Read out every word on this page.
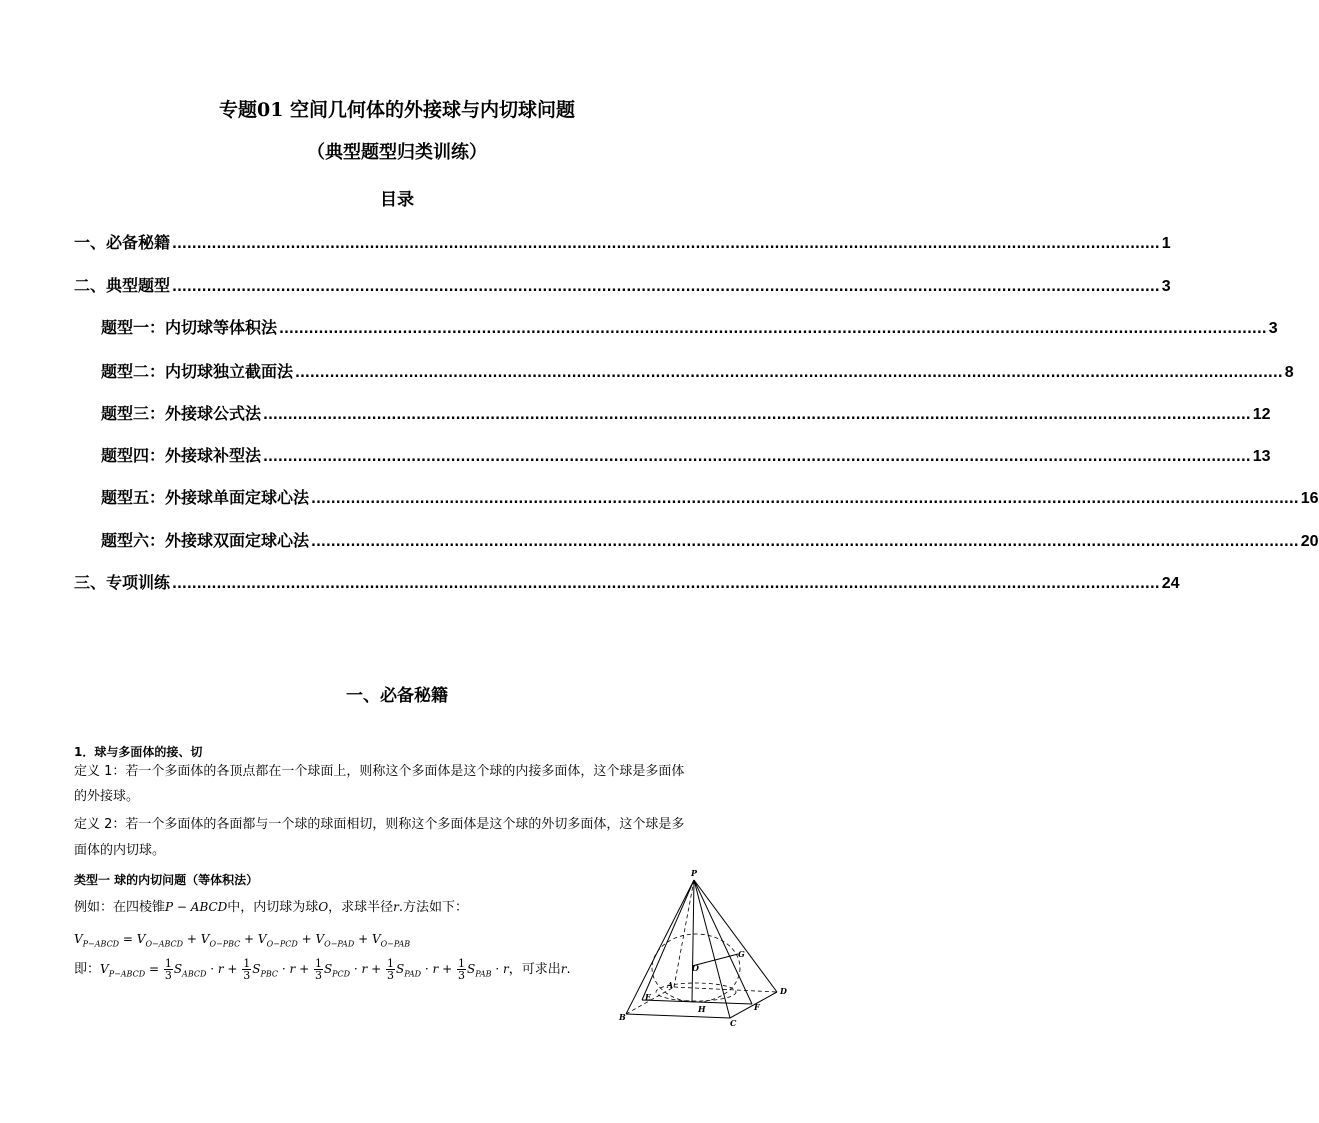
专题01 空间几何体的外接球与内切球问题
（典型题型归类训练）
目录
一、必备秘籍 .....	1
二、典型题型 .....	3
题型一：内切球等体积法 .....	3
题型二：内切球独立截面法 .....	8
题型三：外接球公式法 .....	12
题型四：外接球补型法 .....	13
题型五：外接球单面定球心法 .....	16
题型六：外接球双面定球心法 .....	20
三、专项训练 .....	24
一、必备秘籍
1．球与多面体的接、切
定义 1：若一个多面体的各顶点都在一个球面上，则称这个多面体是这个球的内接多面体，这个球是多面体
的外接球。
定义 2：若一个多面体的各面都与一个球的球面相切，则称这个多面体是这个球的外切多面体，这个球是多
面体的内切球。
类型一 球的内切问题（等体积法）
例如：在四棱锥P − ABCD中，内切球为球O，求球半径r.方法如下：
$V_{P-ABCD} = V_{O-ABCD} + V_{O-PBC} + V_{O-PCD} + V_{O-PAD} + V_{O-PAB}$
即：$V_{P-ABCD} = \frac{1}{3} S_{ABCD} \cdot r + \frac{1}{3} S_{PBC} \cdot r + \frac{1}{3} S_{PCD} \cdot r + \frac{1}{3} S_{PAD} \cdot r + \frac{1}{3} S_{PAB} \cdot r$，可求出r.
P
A
B
C
D
E
F
G
H
O
